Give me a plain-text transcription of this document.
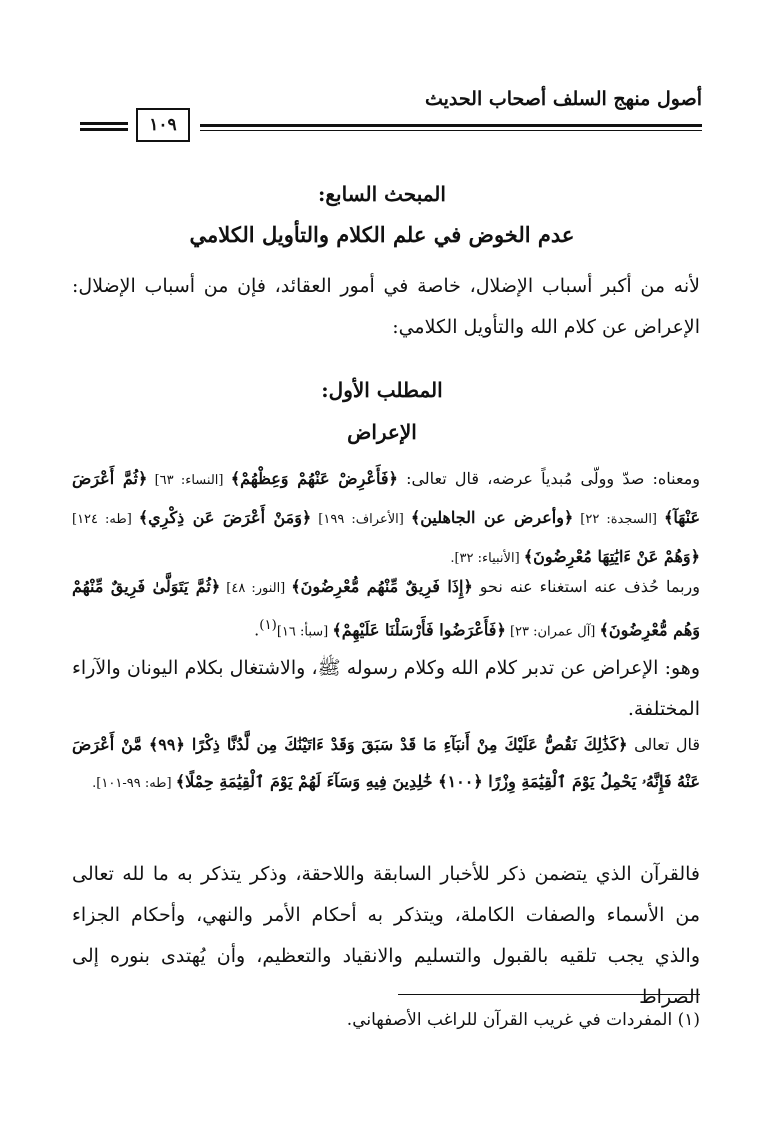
أصول منهج السلف أصحاب الحديث
١٠٩
المبحث السابع:
عدم الخوض في علم الكلام والتأويل الكلامي
لأنه من أكبر أسباب الإضلال، خاصة في أمور العقائد، فإن من أسباب الإضلال: الإعراض عن كلام الله والتأويل الكلامي:
المطلب الأول:
الإعراض
ومعناه: صدّ وولّى مُبدياً عرضه، قال تعالى: ﴿فَأَعْرِضْ عَنْهُمْ وَعِظْهُمْ﴾ [النساء: ٦٣] ﴿ثُمَّ أَعْرَضَ عَنْهَآ﴾ [السجدة: ٢٢] ﴿وأعرض عن الجاهلين﴾ [الأعراف: ١٩٩] ﴿وَمَنْ أَعْرَضَ عَن ذِكْرِي﴾ [طه: ١٢٤] ﴿وَهُمْ عَنْ ءَايَٰتِهَا مُعْرِضُونَ﴾ [الأنبياء: ٣٢].
وربما حُذف عنه استغناء عنه نحو ﴿إِذَا فَرِيقٌ مِّنْهُم مُّعْرِضُونَ﴾ [النور: ٤٨] ﴿ثُمَّ يَتَوَلَّىٰ فَرِيقٌ مِّنْهُمْ وَهُم مُّعْرِضُونَ﴾ [آل عمران: ٢٣] ﴿فَأَعْرَضُوا فَأَرْسَلْنَا عَلَيْهِمْ﴾ [سبأ: ١٦]$^{(١)}$.
وهو: الإعراض عن تدبر كلام الله وكلام رسوله ﷺ، والاشتغال بكلام اليونان والآراء المختلفة.
قال تعالى ﴿كَذَٰلِكَ نَقُصُّ عَلَيْكَ مِنْ أَنبَآءِ مَا قَدْ سَبَقَ وَقَدْ ءَاتَيْنَٰكَ مِن لَّدُنَّا ذِكْرًا ﴿٩٩﴾ مَّنْ أَعْرَضَ عَنْهُ فَإِنَّهُۥ يَحْمِلُ يَوْمَ ٱلْقِيَٰمَةِ وِزْرًا ﴿١٠٠﴾ خَٰلِدِينَ فِيهِ وَسَآءَ لَهُمْ يَوْمَ ٱلْقِيَٰمَةِ حِمْلًا﴾ [طه: ٩٩-١٠١].
فالقرآن الذي يتضمن ذكر للأخبار السابقة واللاحقة، وذكر يتذكر به ما لله تعالى من الأسماء والصفات الكاملة، ويتذكر به أحكام الأمر والنهي، وأحكام الجزاء والذي يجب تلقيه بالقبول والتسليم والانقياد والتعظيم، وأن يُهتدى بنوره إلى الصراط
(١) المفردات في غريب القرآن للراغب الأصفهاني.
